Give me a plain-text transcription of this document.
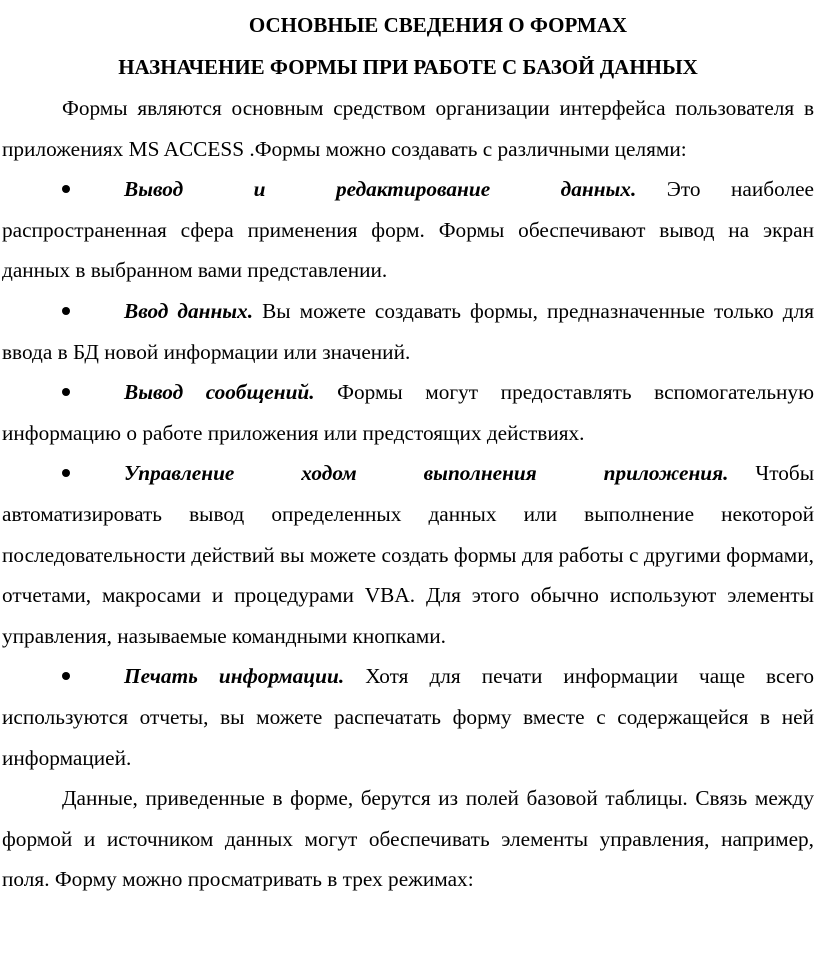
ОСНОВНЫЕ СВЕДЕНИЯ О ФОРМАХ
НАЗНАЧЕНИЕ ФОРМЫ ПРИ РАБОТЕ С БАЗОЙ ДАННЫХ

Формы являются основным средством организации интерфейса пользователя в приложениях MS ACCESS .Формы можно создавать с различными целями:

Вывод и редактирование данных. Это наиболее распространенная сфера применения форм. Формы обеспечивают вывод на экран данных в выбранном вами представлении.

Ввод данных. Вы можете создавать формы, предназначенные только для ввода в БД новой информации или значений.

Вывод сообщений. Формы могут предоставлять вспомогательную информацию о работе приложения или предстоящих действиях.

Управление ходом выполнения приложения. Чтобы автоматизировать вывод определенных данных или выполнение некоторой последовательности действий вы можете создать формы для работы с другими формами, отчетами, макросами и процедурами VBA. Для этого обычно используют элементы управления, называемые командными кнопками.

Печать информации. Хотя для печати информации чаще всего используются отчеты, вы можете распечатать форму вместе с содержащейся в ней информацией.

Данные, приведенные в форме, берутся из полей базовой таблицы. Связь между формой и источником данных могут обеспечивать элементы управления, например, поля. Форму можно просматривать в трех режимах:
